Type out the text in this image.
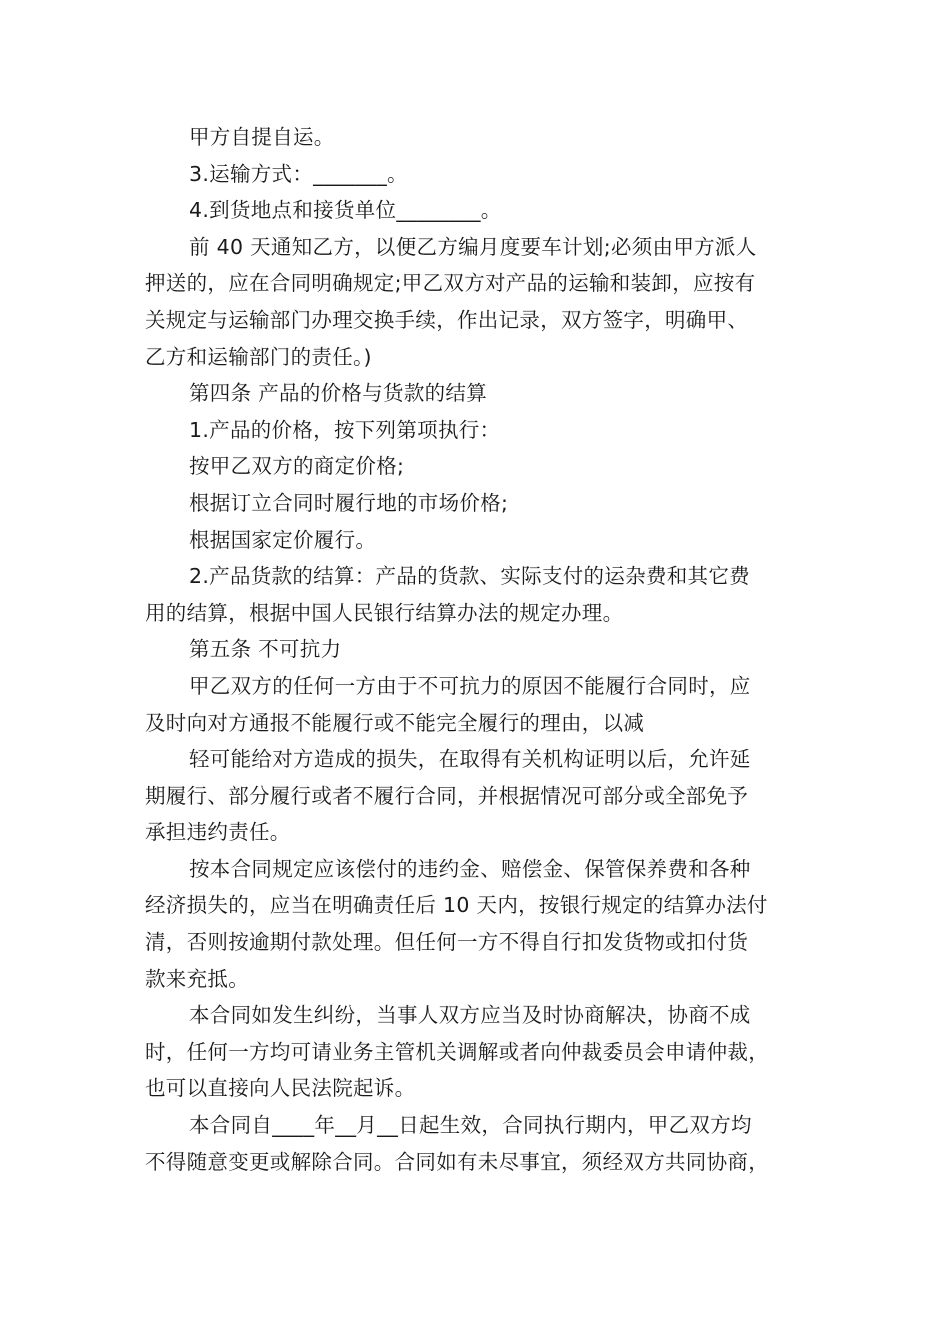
甲方自提自运。
3.运输方式：_______。
4.到货地点和接货单位________。
前 40 天通知乙方，以便乙方编月度要车计划;必须由甲方派人
押送的，应在合同明确规定;甲乙双方对产品的运输和装卸，应按有
关规定与运输部门办理交换手续，作出记录，双方签字，明确甲、
乙方和运输部门的责任。)
第四条 产品的价格与货款的结算
1.产品的价格，按下列第项执行：
按甲乙双方的商定价格;
根据订立合同时履行地的市场价格;
根据国家定价履行。
2.产品货款的结算：产品的货款、实际支付的运杂费和其它费
用的结算，根据中国人民银行结算办法的规定办理。
第五条 不可抗力
甲乙双方的任何一方由于不可抗力的原因不能履行合同时，应
及时向对方通报不能履行或不能完全履行的理由，以减
轻可能给对方造成的损失，在取得有关机构证明以后，允许延
期履行、部分履行或者不履行合同，并根据情况可部分或全部免予
承担违约责任。
按本合同规定应该偿付的违约金、赔偿金、保管保养费和各种
经济损失的，应当在明确责任后 10 天内，按银行规定的结算办法付
清，否则按逾期付款处理。但任何一方不得自行扣发货物或扣付货
款来充抵。
本合同如发生纠纷，当事人双方应当及时协商解决，协商不成
时，任何一方均可请业务主管机关调解或者向仲裁委员会申请仲裁，
也可以直接向人民法院起诉。
本合同自____年__月__日起生效，合同执行期内，甲乙双方均
不得随意变更或解除合同。合同如有未尽事宜，须经双方共同协商，
